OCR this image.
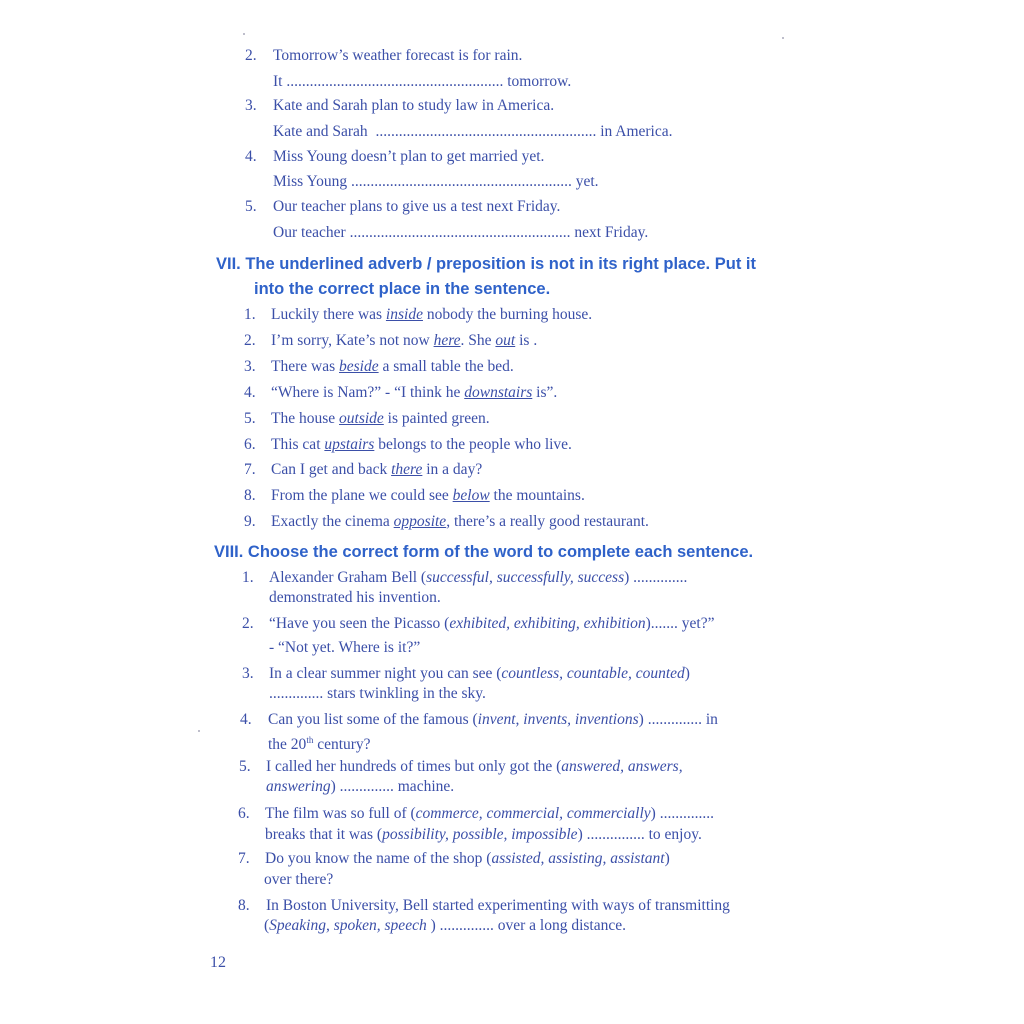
2. Tomorrow’s weather forecast is for rain.
It ........................................................ tomorrow.
3. Kate and Sarah plan to study law in America.
Kate and Sarah  ......................................................... in America.
4. Miss Young doesn’t plan to get married yet.
Miss Young ......................................................... yet.
5. Our teacher plans to give us a test next Friday.
Our teacher ......................................................... next Friday.
VII. The underlined adverb / preposition is not in its right place. Put it
into the correct place in the sentence.
1. Luckily there was inside nobody the burning house.
2. I’m sorry, Kate’s not now here. She out is .
3. There was beside a small table the bed.
4. “Where is Nam?” - “I think he downstairs is”.
5. The house outside is painted green.
6. This cat upstairs belongs to the people who live.
7. Can I get and back there in a day?
8. From the plane we could see below the mountains.
9. Exactly the cinema opposite, there’s a really good restaurant.
VIII. Choose the correct form of the word to complete each sentence.
1. Alexander Graham Bell (successful, successfully, success) ..............
demonstrated his invention.
2. “Have you seen the Picasso (exhibited, exhibiting, exhibition)....... yet?”
- “Not yet. Where is it?”
3. In a clear summer night you can see (countless, countable, counted)
.............. stars twinkling in the sky.
4. Can you list some of the famous (invent, invents, inventions) .............. in
the 20th century?
5. I called her hundreds of times but only got the (answered, answers,
answering) .............. machine.
6. The film was so full of (commerce, commercial, commercially) ..............
breaks that it was (possibility, possible, impossible) ............... to enjoy.
7. Do you know the name of the shop (assisted, assisting, assistant)
over there?
8. In Boston University, Bell started experimenting with ways of transmitting
(Speaking, spoken, speech ) .............. over a long distance.
12
